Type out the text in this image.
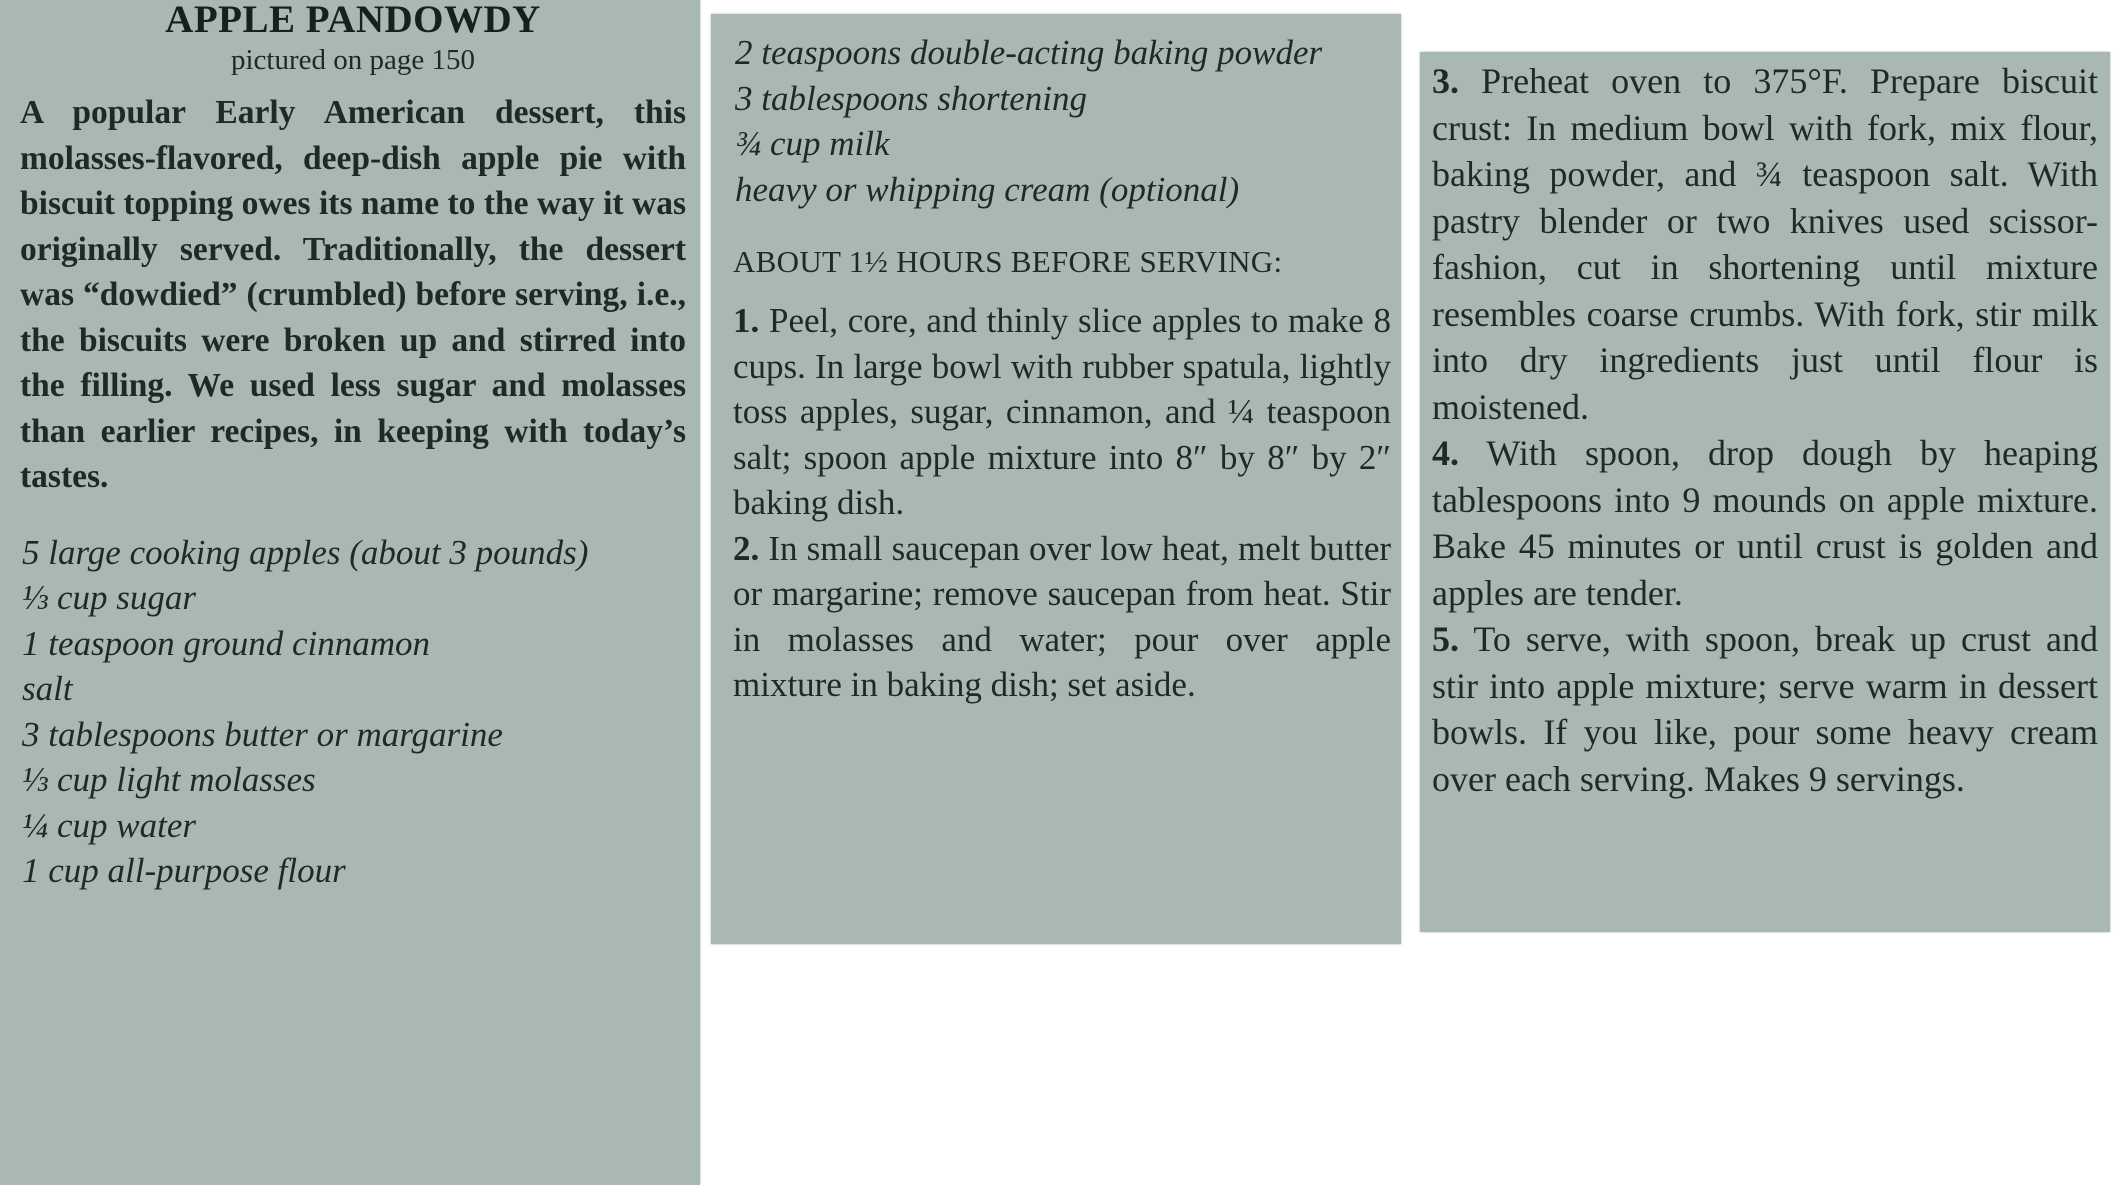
APPLE PANDOWDY
pictured on page 150

A popular Early American dessert, this molasses-flavored, deep-dish apple pie with biscuit topping owes its name to the way it was originally served. Traditionally, the dessert was “dowdied” (crumbled) before serving, i.e., the biscuits were broken up and stirred into the filling. We used less sugar and molasses than earlier recipes, in keeping with today’s tastes.

5 large cooking apples (about 3 pounds)
⅓ cup sugar
1 teaspoon ground cinnamon
salt
3 tablespoons butter or margarine
⅓ cup light molasses
¼ cup water
1 cup all-purpose flour
2 teaspoons double-acting baking powder
3 tablespoons shortening
¾ cup milk
heavy or whipping cream (optional)
ABOUT 1½ HOURS BEFORE SERVING:
1. Peel, core, and thinly slice apples to make 8 cups. In large bowl with rubber spatula, lightly toss apples, sugar, cinnamon, and ¼ teaspoon salt; spoon apple mixture into 8″ by 8″ by 2″ baking dish.
2. In small saucepan over low heat, melt butter or margarine; remove saucepan from heat. Stir in molasses and water; pour over apple mixture in baking dish; set aside.
3. Preheat oven to 375°F. Prepare biscuit crust: In medium bowl with fork, mix flour, baking powder, and ¾ teaspoon salt. With pastry blender or two knives used scissor-fashion, cut in shortening until mixture resembles coarse crumbs. With fork, stir milk into dry ingredients just until flour is moistened.
4. With spoon, drop dough by heaping tablespoons into 9 mounds on apple mixture. Bake 45 minutes or until crust is golden and apples are tender.
5. To serve, with spoon, break up crust and stir into apple mixture; serve warm in dessert bowls. If you like, pour some heavy cream over each serving. Makes 9 servings.
